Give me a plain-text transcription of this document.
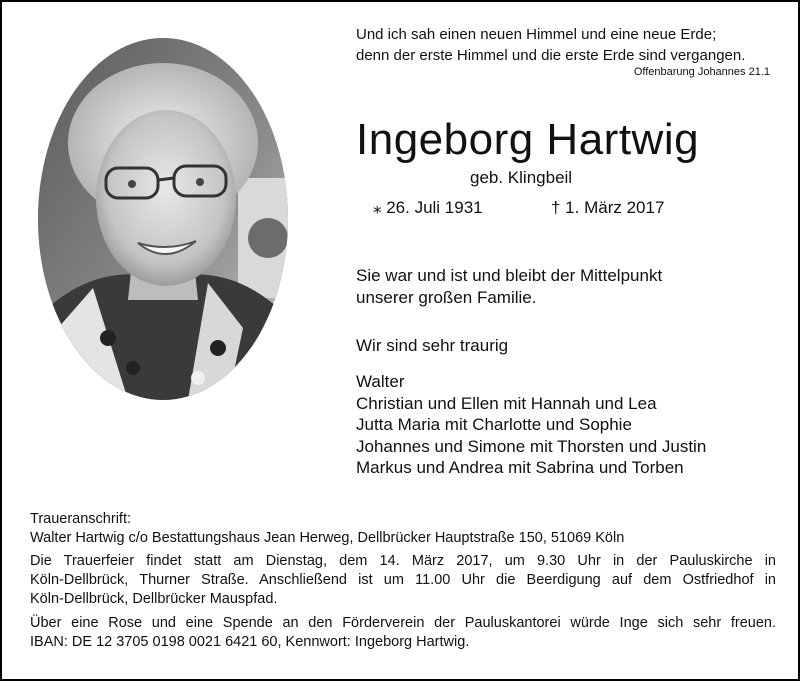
Und ich sah einen neuen Himmel und eine neue Erde;
denn der erste Himmel und die erste Erde sind vergangen.
Offenbarung Johannes 21.1
Ingeborg Hartwig
geb. Klingbeil
⁎ 26. Juli 1931	† 1. März 2017
Sie war und ist und bleibt der Mittelpunkt
unserer großen Familie.
Wir sind sehr traurig
Walter
Christian und Ellen mit Hannah und Lea
Jutta Maria mit Charlotte und Sophie
Johannes und Simone mit Thorsten und Justin
Markus und Andrea mit Sabrina und Torben
Traueranschrift:
Walter Hartwig c/o Bestattungshaus Jean Herweg, Dellbrücker Hauptstraße 150, 51069 Köln
Die Trauerfeier findet statt am Dienstag, dem 14. März 2017, um 9.30 Uhr in der Pauluskirche in
Köln-Dellbrück, Thurner Straße. Anschließend ist um 11.00 Uhr die Beerdigung auf dem Ostfriedhof in
Köln-Dellbrück, Dellbrücker Mauspfad.
Über eine Rose und eine Spende an den Förderverein der Pauluskantorei würde Inge sich sehr freuen.
IBAN: DE 12 3705 0198 0021 6421 60, Kennwort: Ingeborg Hartwig.
